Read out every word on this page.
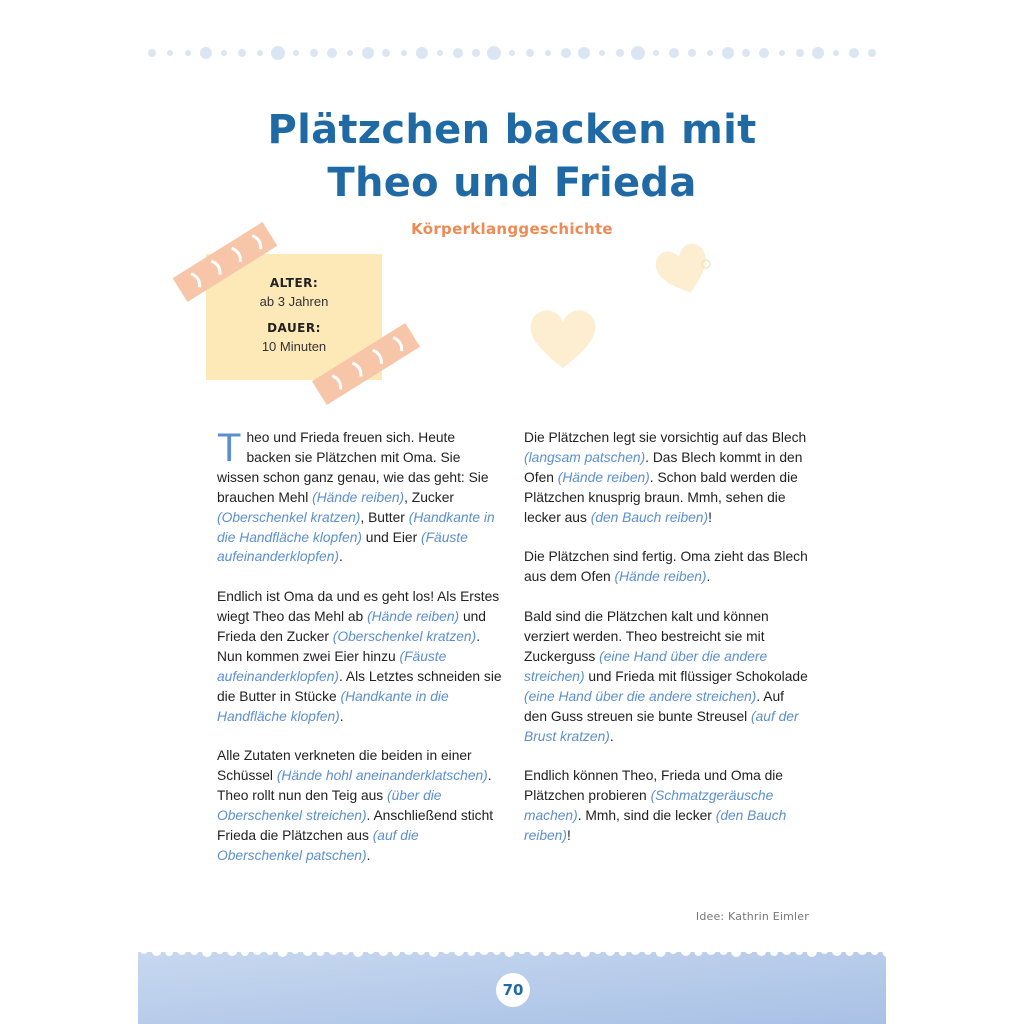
Plätzchen backen mit
Theo und Frieda
Körperklanggeschichte
ALTER:
ab 3 Jahren
DAUER:
10 Minuten

Theo und Frieda freuen sich. Heute backen sie Plätzchen mit Oma. Sie wissen schon ganz genau, wie das geht: Sie brauchen Mehl (Hände reiben), Zucker (Oberschenkel kratzen), Butter (Handkante in die Handfläche klopfen) und Eier (Fäuste aufeinanderklopfen).

Endlich ist Oma da und es geht los! Als Erstes wiegt Theo das Mehl ab (Hände reiben) und Frieda den Zucker (Oberschenkel kratzen). Nun kommen zwei Eier hinzu (Fäuste aufeinanderklopfen). Als Letztes schneiden sie die Butter in Stücke (Handkante in die Handfläche klopfen).

Alle Zutaten verkneten die beiden in einer Schüssel (Hände hohl aneinanderklatschen). Theo rollt nun den Teig aus (über die Oberschenkel streichen). Anschließend sticht Frieda die Plätzchen aus (auf die Oberschenkel patschen).

Die Plätzchen legt sie vorsichtig auf das Blech (langsam patschen). Das Blech kommt in den Ofen (Hände reiben). Schon bald werden die Plätzchen knusprig braun. Mmh, sehen die lecker aus (den Bauch reiben)!

Die Plätzchen sind fertig. Oma zieht das Blech aus dem Ofen (Hände reiben).

Bald sind die Plätzchen kalt und können verziert werden. Theo bestreicht sie mit Zuckerguss (eine Hand über die andere streichen) und Frieda mit flüssiger Schokolade (eine Hand über die andere streichen). Auf den Guss streuen sie bunte Streusel (auf der Brust kratzen).

Endlich können Theo, Frieda und Oma die Plätzchen probieren (Schmatzgeräusche machen). Mmh, sind die lecker (den Bauch reiben)!

Idee: Kathrin Eimler
70
